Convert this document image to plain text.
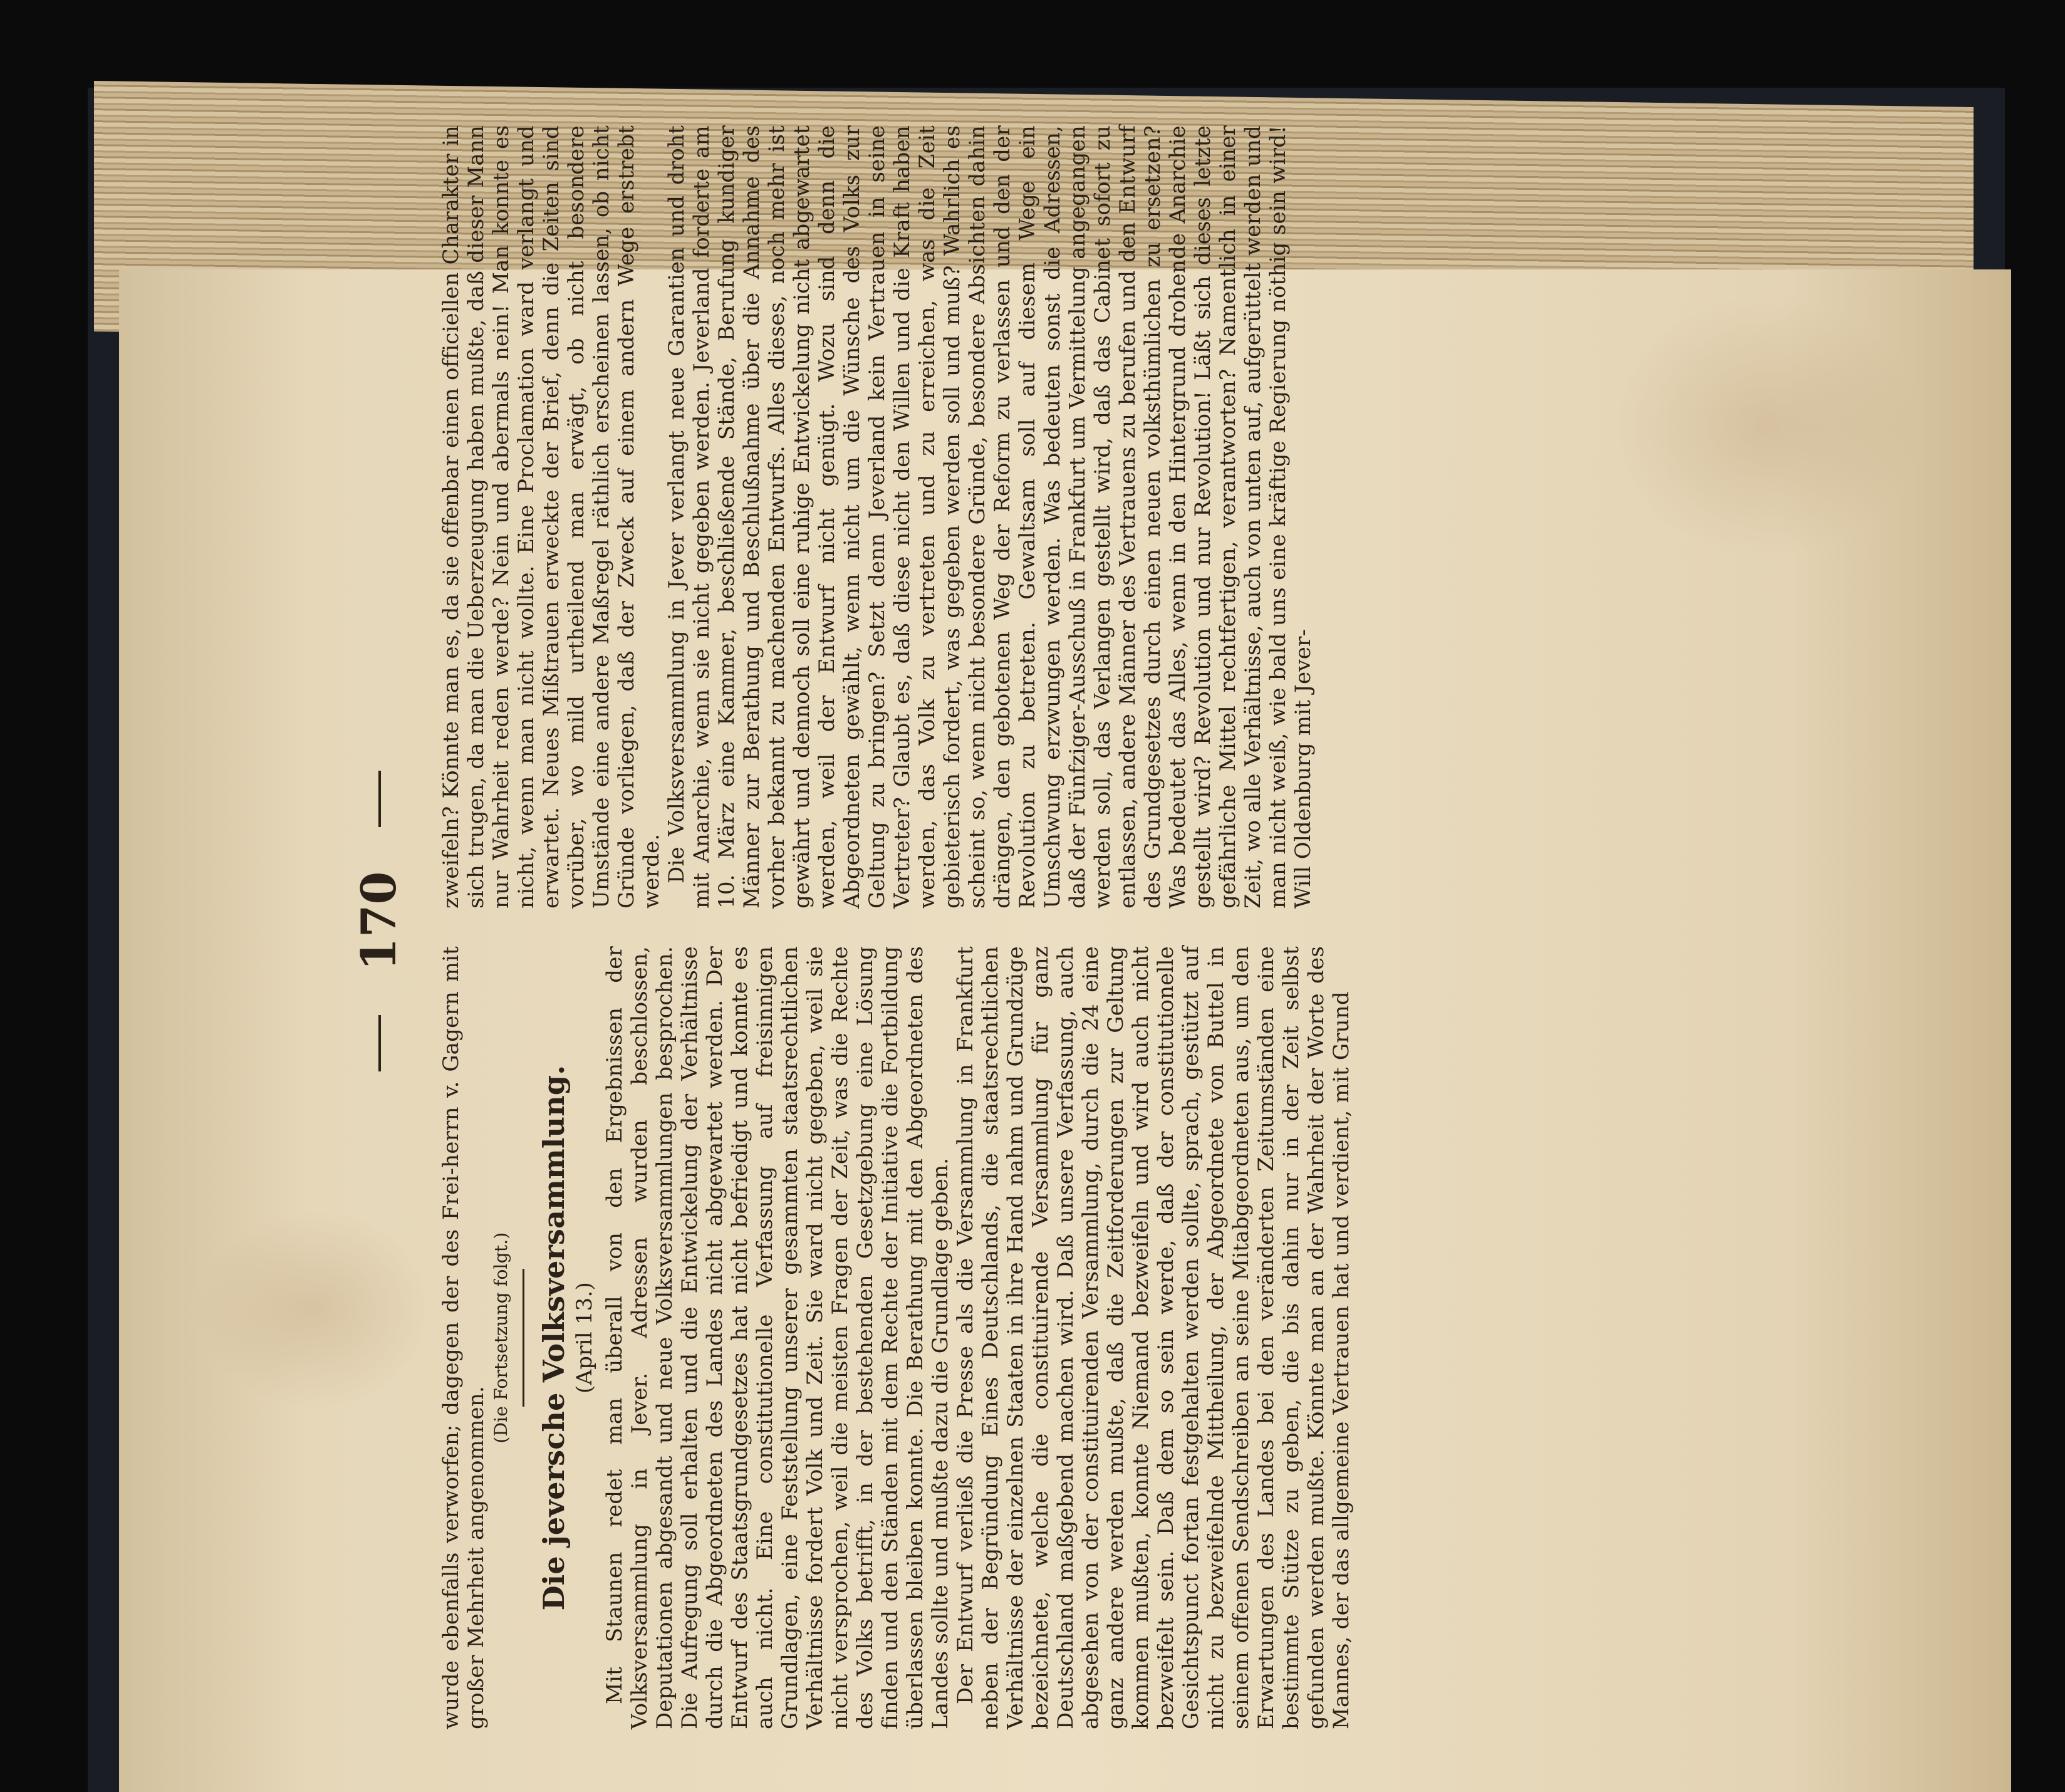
170

wurde ebenfalls verworfen; dagegen der des Frei-herrn v. Gagern mit großer Mehrheit angenommen.

(Die Fortsetzung folgt.) Die jeversche Volksversammlung. (April 13.) Mit Staunen redet man überall von den Ergebnissen der Volksversammlung in Jever. Adressen wurden beschlossen, Deputationen abgesandt und neue Volksversammlungen besprochen. Die Aufregung soll erhalten und die Entwickelung der Verhältnisse durch die Abgeordneten des Landes nicht abgewartet werden. Der Entwurf des Staatsgrundgesetzes hat nicht befriedigt und konnte es auch nicht. Eine constitutionelle Verfassung auf freisinnigen Grundlagen, eine Feststellung unserer gesammten staatsrechtlichen Verhältnisse fordert Volk und Zeit. Sie ward nicht gegeben, weil sie nicht versprochen, weil die meisten Fragen der Zeit, was die Rechte des Volks betrifft, in der bestehenden Gesetzgebung eine Lösung finden und den Ständen mit dem Rechte der Initiative die Fortbildung überlassen bleiben konnte. Die Berathung mit den Abgeordneten des Landes sollte und mußte dazu die Grundlage geben. Der Entwurf verließ die Presse als die Versammlung in Frankfurt neben der Begründung Eines Deutschlands, die staatsrechtlichen Verhältnisse der einzelnen Staaten in ihre Hand nahm und Grundzüge bezeichnete, welche die constituirende Versammlung für ganz Deutschland maßgebend machen wird. Daß unsere Verfassung, auch abgesehen von der constituirenden Versammlung, durch die 24 eine ganz andere werden mußte, daß die Zeitforderungen zur Geltung kommen mußten, konnte Niemand bezweifeln und wird auch nicht bezweifelt sein. Daß dem so sein werde, daß der constitutionelle Gesichtspunct fortan festgehalten werden sollte, sprach, gestützt auf nicht zu bezweifelnde Mittheilung, der Abgeordnete von Buttel in seinem offenen Sendschreiben an seine Mitabgeordneten aus, um den Erwartungen des Landes bei den veränderten Zeitumständen eine bestimmte Stütze zu geben, die bis dahin nur in der Zeit selbst gefunden werden mußte. Könnte man an der Wahrheit der Worte des Mannes, der das allgemeine Vertrauen hat und verdient, mit Grund

zweifeln? Könnte man es, da sie offenbar einen officiellen Charakter in sich trugen, da man die Ueberzeugung haben mußte, daß dieser Mann nur Wahrheit reden werde? Nein und abermals nein! Man konnte es nicht, wenn man nicht wollte. Eine Proclamation ward verlangt und erwartet. Neues Mißtrauen erweckte der Brief, denn die Zeiten sind vorüber, wo mild urtheilend man erwägt, ob nicht besondere Umstände eine andere Maßregel räthlich erscheinen lassen, ob nicht Gründe vorliegen, daß der Zweck auf einem andern Wege erstrebt werde. Die Volksversammlung in Jever verlangt neue Garantien und droht mit Anarchie, wenn sie nicht gegeben werden. Jeverland forderte am 10. März eine Kammer, beschließende Stände, Berufung kundiger Männer zur Berathung und Beschlußnahme über die Annahme des vorher bekannt zu machenden Entwurfs. Alles dieses, noch mehr ist gewährt und dennoch soll eine ruhige Entwickelung nicht abgewartet werden, weil der Entwurf nicht genügt. Wozu sind denn die Abgeordneten gewählt, wenn nicht um die Wünsche des Volks zur Geltung zu bringen? Setzt denn Jeverland kein Vertrauen in seine Vertreter? Glaubt es, daß diese nicht den Willen und die Kraft haben werden, das Volk zu vertreten und zu erreichen, was die Zeit gebieterisch fordert, was gegeben werden soll und muß? Wahrlich es scheint so, wenn nicht besondere Gründe, besondere Absichten dahin drängen, den gebotenen Weg der Reform zu verlassen und den der Revolution zu betreten. Gewaltsam soll auf diesem Wege ein Umschwung erzwungen werden. Was bedeuten sonst die Adressen, daß der Fünfziger-Ausschuß in Frankfurt um Vermittelung angegangen werden soll, das Verlangen gestellt wird, daß das Cabinet sofort zu entlassen, andere Männer des Vertrauens zu berufen und den Entwurf des Grundgesetzes durch einen neuen volksthümlichen zu ersetzen? Was bedeutet das Alles, wenn in den Hintergrund drohende Anarchie gestellt wird? Revolution und nur Revolution! Läßt sich dieses letzte gefährliche Mittel rechtfertigen, verantworten? Namentlich in einer Zeit, wo alle Verhältnisse, auch von unten auf, aufgerüttelt werden und man nicht weiß, wie bald uns eine kräftige Regierung nöthig sein wird! Will Oldenburg mit Jever-
